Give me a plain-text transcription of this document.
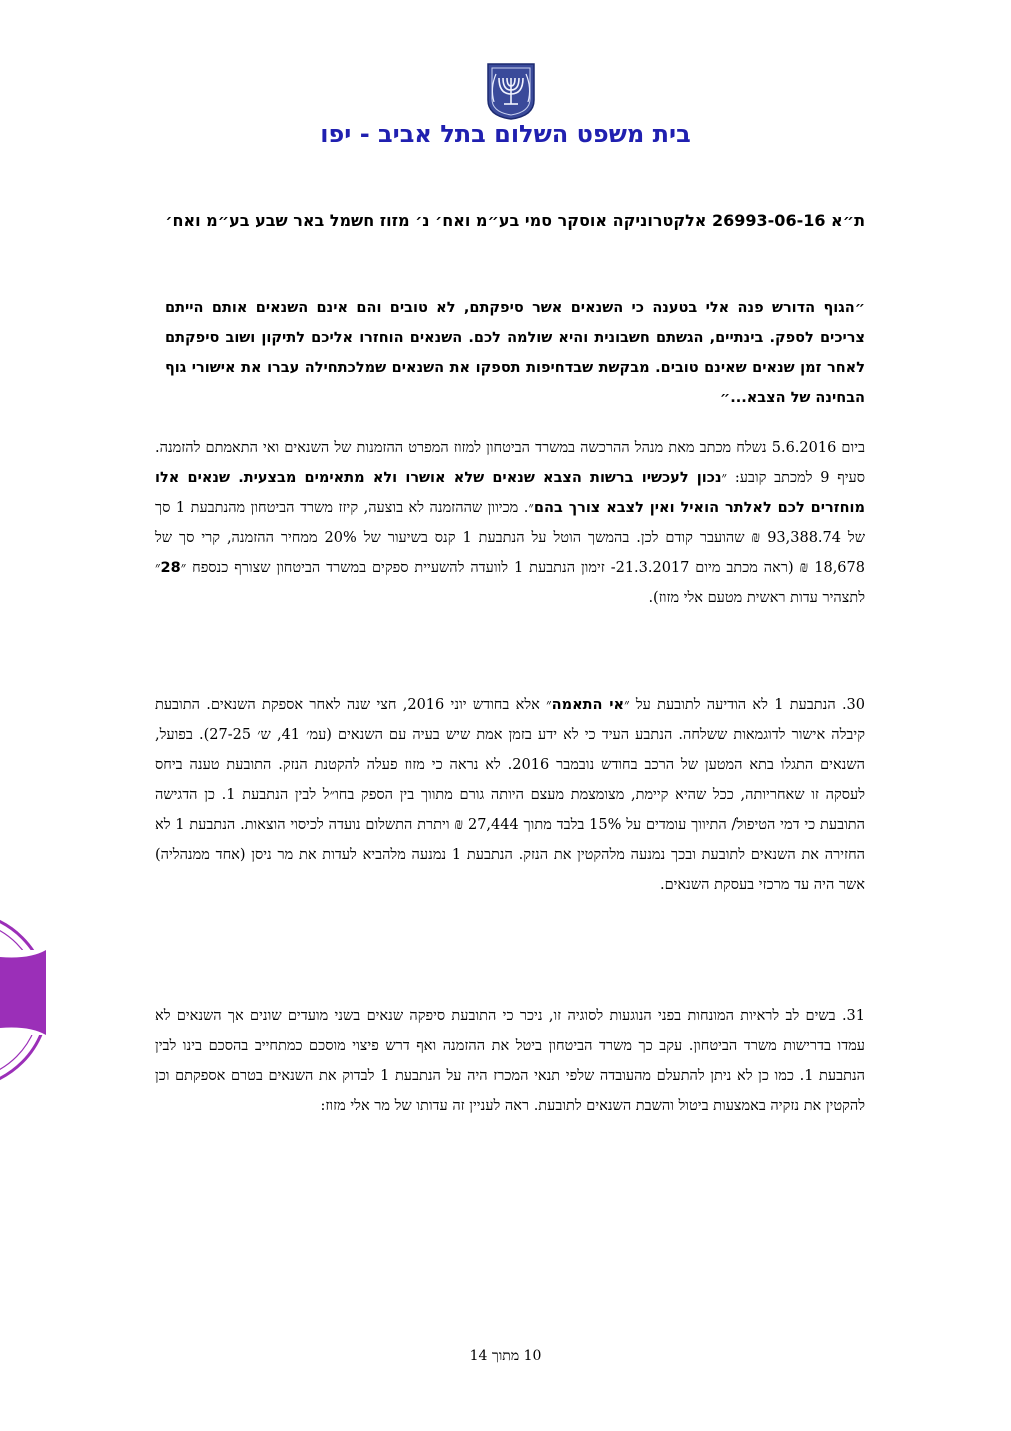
בית משפט השלום בתל אביב - יפו
ת״א 26993-06-16 אלקטרוניקה אוסקר סמי בע״מ ואח׳ נ׳ מזוז חשמל באר שבע בע״מ ואח׳
״הגוף הדורש פנה אלי בטענה כי השנאים אשר סיפקתם, לא טובים והם אינם השנאים אותם הייתם צריכים לספק. בינתיים, הגשתם חשבונית והיא שולמה לכם. השנאים הוחזרו אליכם לתיקון ושוב סיפקתם לאחר זמן שנאים שאינם טובים. מבקשת שבדחיפות תספקו את השנאים שמלכתחילה עברו את אישורי גוף הבחינה של הצבא...״
ביום 5.6.2016 נשלח מכתב מאת מנהל ההרכשה במשרד הביטחון למזוז המפרט ההזמנות של השנאים ואי התאמתם להזמנה. סעיף 9 למכתב קובע: ״נכון לעכשיו ברשות הצבא שנאים שלא אושרו ולא מתאימים מבצעית. שנאים אלו מוחזרים לכם לאלתר הואיל ואין לצבא צורך בהם״. מכיוון שההזמנה לא בוצעה, קיזז משרד הביטחון מהנתבעת 1 סך של 93,388.74 ₪ שהועבר קודם לכן. בהמשך הוטל על הנתבעת 1 קנס בשיעור של 20% ממחיר ההזמנה, קרי סך של 18,678 ₪ (ראה מכתב מיום 21.3.2017- זימון הנתבעת 1 לוועדה להשעיית ספקים במשרד הביטחון שצורף כנספח ״28״ לתצהיר עדות ראשית מטעם אלי מזוז).
30. הנתבעת 1 לא הודיעה לתובעת על ״אי התאמה״ אלא בחודש יוני 2016, חצי שנה לאחר אספקת השנאים. התובעת קיבלה אישור לדוגמאות ששלחה. הנתבע העיד כי לא ידע בזמן אמת שיש בעיה עם השנאים (עמ׳ 41, ש׳ 27-25). בפועל, השנאים התגלו בתא המטען של הרכב בחודש נובמבר 2016. לא נראה כי מזוז פעלה להקטנת הנזק. התובעת טענה ביחס לעסקה זו שאחריותה, ככל שהיא קיימת, מצומצמת מעצם היותה גורם מתווך בין הספק בחו״ל לבין הנתבעת 1. כן הדגישה התובעת כי דמי הטיפול/ התיווך עומדים על 15% בלבד מתוך 27,444 ₪ ויתרת התשלום נועדה לכיסוי הוצאות. הנתבעת 1 לא החזירה את השנאים לתובעת ובכך נמנעה מלהקטין את הנזק. הנתבעת 1 נמנעה מלהביא לעדות את מר ניסן (אחד ממנהליה) אשר היה עד מרכזי בעסקת השנאים.
31. בשים לב לראיות המונחות בפני הנוגעות לסוגיה זו, ניכר כי התובעת סיפקה שנאים בשני מועדים שונים אך השנאים לא עמדו בדרישות משרד הביטחון. עקב כך משרד הביטחון ביטל את ההזמנה ואף דרש פיצוי מוסכם כמתחייב בהסכם בינו לבין הנתבעת 1. כמו כן לא ניתן להתעלם מהעובדה שלפי תנאי המכרז היה על הנתבעת 1 לבדוק את השנאים בטרם אספקתם וכן להקטין את נזקיה באמצעות ביטול והשבת השנאים לתובעת. ראה לעניין זה עדותו של מר אלי מזוז:
10 מתוך 14
